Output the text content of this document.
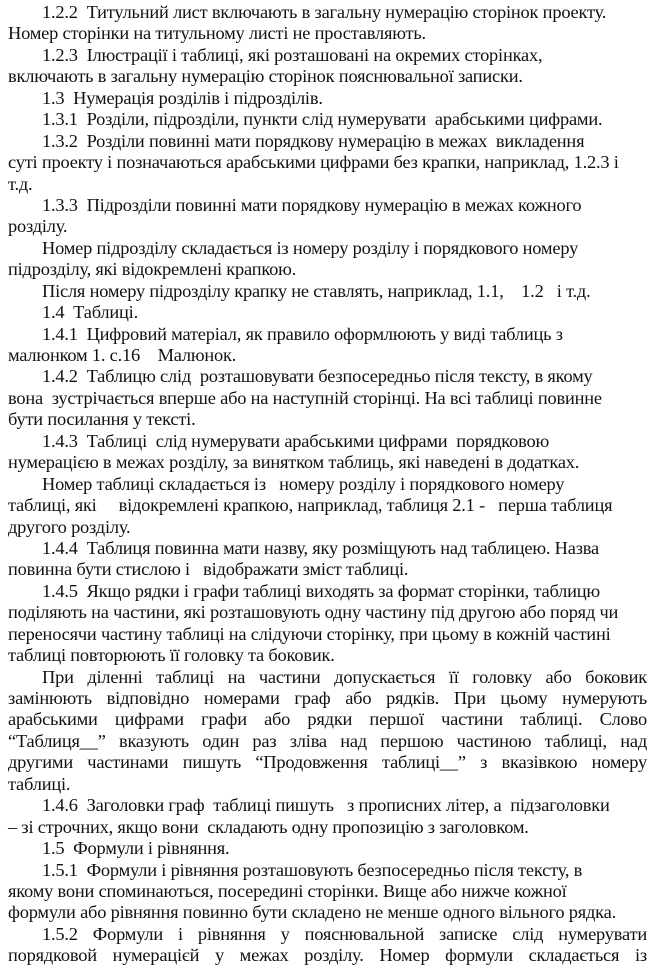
1.2.2  Титульний лист включають в загальну нумерацію сторінок проекту.
Номер сторінки на титульному листі не проставляють.
1.2.3  Ілюстрації і таблиці, які розташовані на окремих сторінках,
включають в загальну нумерацію сторінок пояснювальної записки.
1.3  Нумерація розділів і підрозділів.
1.3.1  Розділи, підрозділи, пункти слід нумерувати  арабськими цифрами.
1.3.2  Розділи повинні мати порядкову нумерацію в межах  викладення
суті проекту і позначаються арабськими цифрами без крапки, наприклад, 1.2.3 і
т.д.
1.3.3  Підрозділи повинні мати порядкову нумерацію в межах кожного
розділу.
Номер підрозділу складається із номеру розділу і порядкового номеру
підрозділу, які відокремлені крапкою.
Після номеру підрозділу крапку не ставлять, наприклад, 1.1,    1.2   і т.д.
1.4  Таблиці.
1.4.1  Цифровий матеріал, як правило оформлюють у виді таблиць з
малюнком 1. с.16    Малюнок.
1.4.2  Таблицю слід  розташовувати безпосередньо після тексту, в якому
вона  зустрічається вперше або на наступній сторінці. На всі таблиці повинне
бути посилання у тексті.
1.4.3  Таблиці  слід нумерувати арабськими цифрами  порядковою
нумерацією в межах розділу, за винятком таблиць, які наведені в додатках.
Номер таблиці складається із   номеру розділу і порядкового номеру
таблиці, які     відокремлені крапкою, наприклад, таблиця 2.1 -   перша таблиця
другого розділу.
1.4.4  Таблиця повинна мати назву, яку розміщують над таблицею. Назва
повинна бути стислою і   відображати зміст таблиці.
1.4.5  Якщо рядки і графи таблиці виходять за формат сторінки, таблицю
поділяють на частини, які розташовують одну частину під другою або поряд чи
переносячи частину таблиці на слідуючи сторінку, при цьому в кожній частині
таблиці повторюють її головку та боковик.
При діленні таблиці на частини допускається її головку або боковик
замінюють відповідно номерами граф або рядків. При цьому нумерують
арабськими цифрами графи або рядки першої частини таблиці. Слово
“Таблиця__” вказують один раз зліва над першою частиною таблиці, над
другими частинами пишуть “Продовження таблиці__” з вказівкою номеру
таблиці.
1.4.6  Заголовки граф  таблиці пишуть   з прописних літер, а  підзаголовки
– зі строчних, якщо вони  складають одну пропозицію з заголовком.
1.5  Формули і рівняння.
1.5.1  Формули і рівняння розташовують безпосередньо після тексту, в
якому вони споминаються, посередині сторінки. Вище або нижче кожної
формули або рівняння повинно бути складено не менше одного вільного рядка.
1.5.2 Формули і рівняння у пояснювальной записке слід нумерувати
порядковой нумерацієй у межах розділу. Номер формули складається із
